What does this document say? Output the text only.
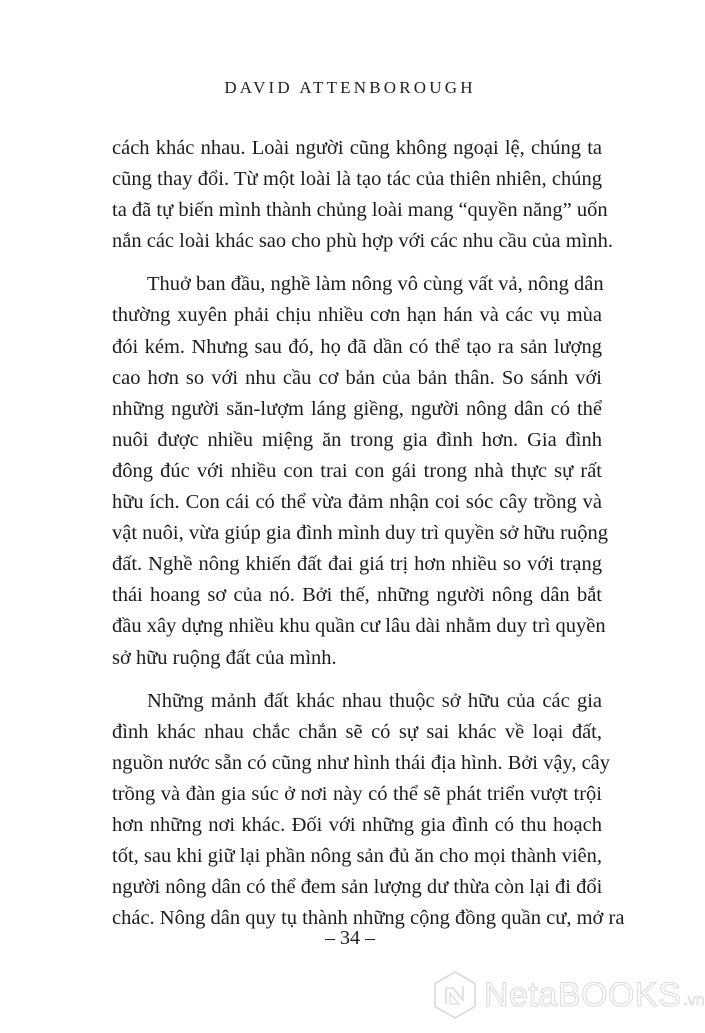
DAVID ATTENBOROUGH

cách khác nhau. Loài người cũng không ngoại lệ, chúng ta
cũng thay đổi. Từ một loài là tạo tác của thiên nhiên, chúng
ta đã tự biến mình thành chủng loài mang “quyền năng” uốn
nắn các loài khác sao cho phù hợp với các nhu cầu của mình.

Thuở ban đầu, nghề làm nông vô cùng vất vả, nông dân
thường xuyên phải chịu nhiều cơn hạn hán và các vụ mùa
đói kém. Nhưng sau đó, họ đã dần có thể tạo ra sản lượng
cao hơn so với nhu cầu cơ bản của bản thân. So sánh với
những người săn-lượm láng giềng, người nông dân có thể
nuôi được nhiều miệng ăn trong gia đình hơn. Gia đình
đông đúc với nhiều con trai con gái trong nhà thực sự rất
hữu ích. Con cái có thể vừa đảm nhận coi sóc cây trồng và
vật nuôi, vừa giúp gia đình mình duy trì quyền sở hữu ruộng
đất. Nghề nông khiến đất đai giá trị hơn nhiều so với trạng
thái hoang sơ của nó. Bởi thế, những người nông dân bắt
đầu xây dựng nhiều khu quần cư lâu dài nhằm duy trì quyền
sở hữu ruộng đất của mình.

Những mảnh đất khác nhau thuộc sở hữu của các gia
đình khác nhau chắc chắn sẽ có sự sai khác về loại đất,
nguồn nước sẵn có cũng như hình thái địa hình. Bởi vậy, cây
trồng và đàn gia súc ở nơi này có thể sẽ phát triển vượt trội
hơn những nơi khác. Đối với những gia đình có thu hoạch
tốt, sau khi giữ lại phần nông sản đủ ăn cho mọi thành viên,
người nông dân có thể đem sản lượng dư thừa còn lại đi đổi
chác. Nông dân quy tụ thành những cộng đồng quần cư, mở ra

– 34 –
NetaBOOKS .vn
